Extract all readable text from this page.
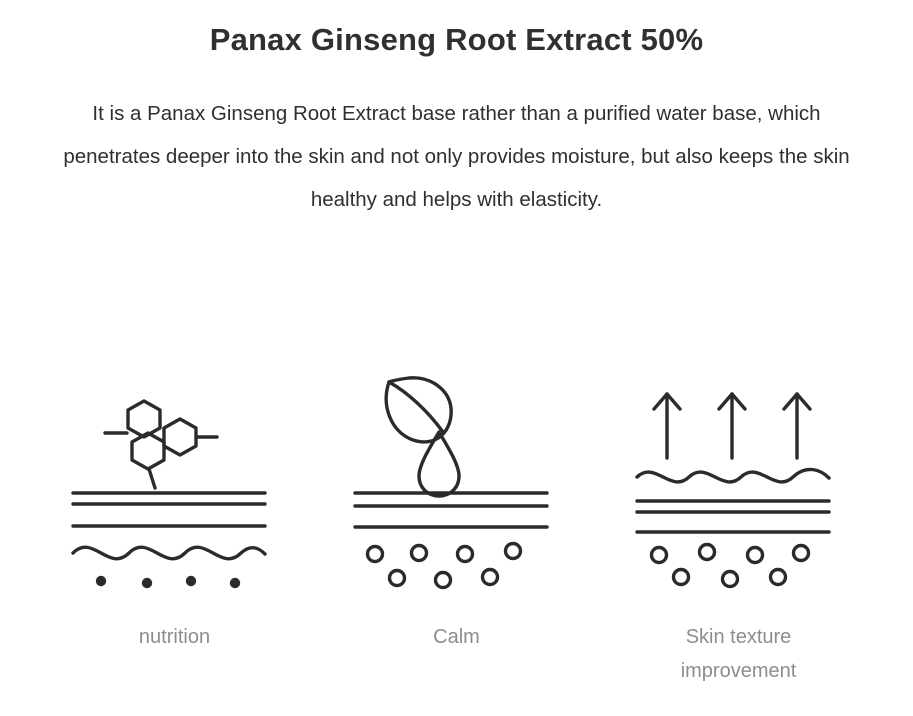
Panax Ginseng Root Extract 50%

It is a Panax Ginseng Root Extract base rather than a purified water base, which penetrates deeper into the skin and not only provides moisture, but also keeps the skin healthy and helps with elasticity.

nutrition	Calm	Skin texture improvement
